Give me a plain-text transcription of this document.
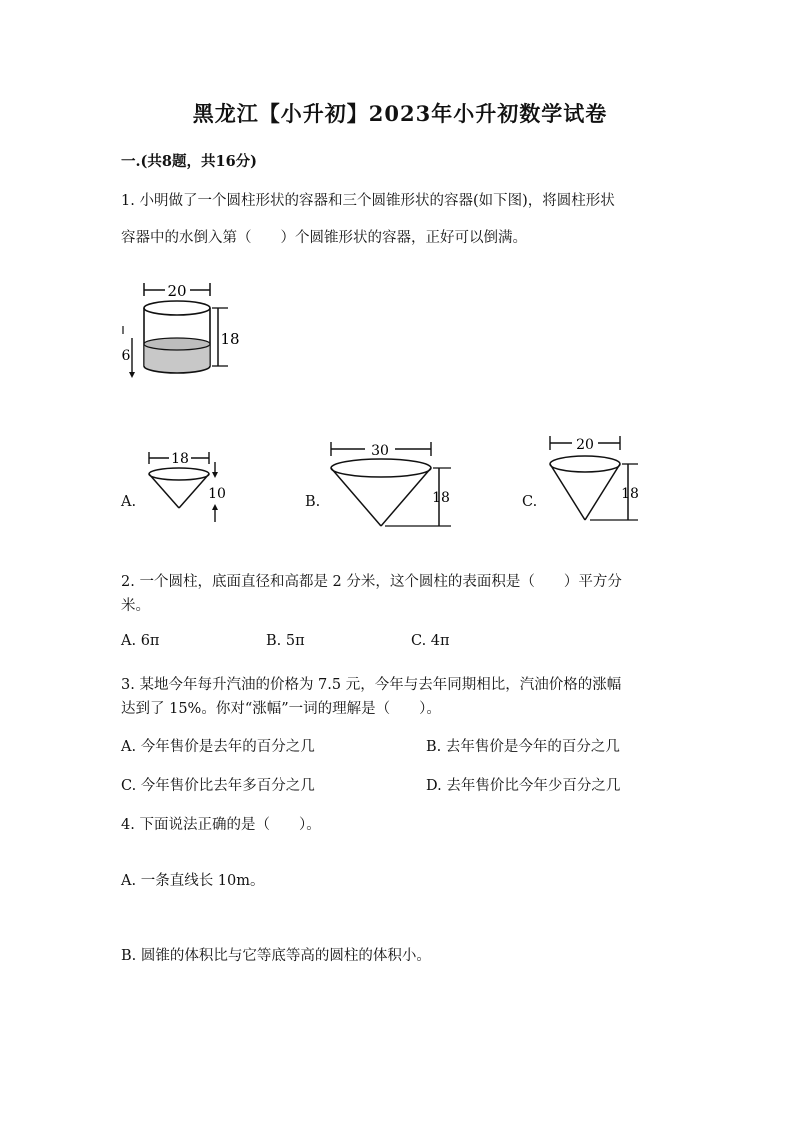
黑龙江【小升初】2023年小升初数学试卷
一.(共8题，共16分)
1. 小明做了一个圆柱形状的容器和三个圆锥形状的容器(如下图)，将圆柱形状
容器中的水倒入第（　　）个圆锥形状的容器，正好可以倒满。
20
18
6
A.
18
10	B.
30
18	C.
20
18
2. 一个圆柱，底面直径和高都是 2 分米，这个圆柱的表面积是（　　）平方分
米。
A. 6π	B. 5π	C. 4π
3. 某地今年每升汽油的价格为 7.5 元，今年与去年同期相比，汽油价格的涨幅
达到了 15%。你对“涨幅”一词的理解是（　　）。
A. 今年售价是去年的百分之几	B. 去年售价是今年的百分之几
C. 今年售价比去年多百分之几	D. 去年售价比今年少百分之几
4. 下面说法正确的是（　　）。
A. 一条直线长 10m。
B. 圆锥的体积比与它等底等高的圆柱的体积小。
